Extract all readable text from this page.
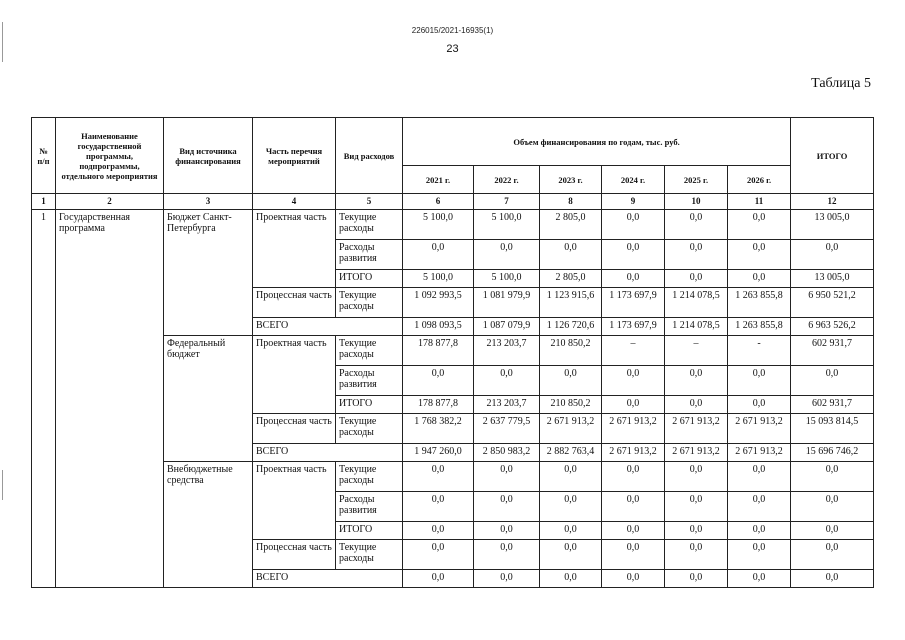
226015/2021-16935(1)
23
Таблица 5
№ п/п	Наименование государственной программы, подпрограммы, отдельного мероприятия	Вид источника финансирования	Часть перечня мероприятий	Вид расходов	Объем финансирования по годам, тыс. руб.						ИТОГО
					2021 г.	2022 г.	2023 г.	2024 г.	2025 г.	2026 г.	
1	2	3	4	5	6	7	8	9	10	11	12
1	Государственная программа	Бюджет Санкт-Петербурга	Проектная часть	Текущие расходы	5 100,0	5 100,0	2 805,0	0,0	0,0	0,0	13 005,0
				Расходы развития	0,0	0,0	0,0	0,0	0,0	0,0	0,0
				ИТОГО	5 100,0	5 100,0	2 805,0	0,0	0,0	0,0	13 005,0
			Процессная часть	Текущие расходы	1 092 993,5	1 081 979,9	1 123 915,6	1 173 697,9	1 214 078,5	1 263 855,8	6 950 521,2
			ВСЕГО		1 098 093,5	1 087 079,9	1 126 720,6	1 173 697,9	1 214 078,5	1 263 855,8	6 963 526,2
		Федеральный бюджет	Проектная часть	Текущие расходы	178 877,8	213 203,7	210 850,2	–	–	-	602 931,7
				Расходы развития	0,0	0,0	0,0	0,0	0,0	0,0	0,0
				ИТОГО	178 877,8	213 203,7	210 850,2	0,0	0,0	0,0	602 931,7
			Процессная часть	Текущие расходы	1 768 382,2	2 637 779,5	2 671 913,2	2 671 913,2	2 671 913,2	2 671 913,2	15 093 814,5
			ВСЕГО		1 947 260,0	2 850 983,2	2 882 763,4	2 671 913,2	2 671 913,2	2 671 913,2	15 696 746,2
		Внебюджетные средства	Проектная часть	Текущие расходы	0,0	0,0	0,0	0,0	0,0	0,0	0,0
				Расходы развития	0,0	0,0	0,0	0,0	0,0	0,0	0,0
				ИТОГО	0,0	0,0	0,0	0,0	0,0	0,0	0,0
			Процессная часть	Текущие расходы	0,0	0,0	0,0	0,0	0,0	0,0	0,0
			ВСЕГО		0,0	0,0	0,0	0,0	0,0	0,0	0,0
